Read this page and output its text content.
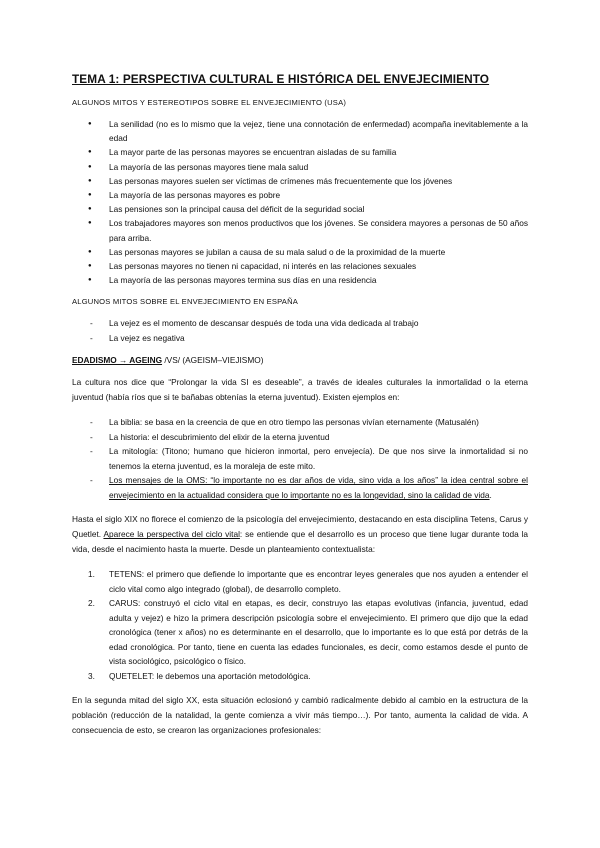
TEMA 1: PERSPECTIVA CULTURAL E HISTÓRICA DEL ENVEJECIMIENTO
ALGUNOS MITOS Y ESTEREOTIPOS SOBRE EL ENVEJECIMIENTO (USA)
● La senilidad (no es lo mismo que la vejez, tiene una connotación de enfermedad) acompaña inevitablemente a la edad
● La mayor parte de las personas mayores se encuentran aisladas de su familia
● La mayoría de las personas mayores tiene mala salud
● Las personas mayores suelen ser víctimas de crímenes más frecuentemente que los jóvenes
● La mayoría de las personas mayores es pobre
● Las pensiones son la principal causa del déficit de la seguridad social
● Los trabajadores mayores son menos productivos que los jóvenes. Se considera mayores a personas de 50 años para arriba.
● Las personas mayores se jubilan a causa de su mala salud o de la proximidad de la muerte
● Las personas mayores no tienen ni capacidad, ni interés en las relaciones sexuales
● La mayoría de las personas mayores termina sus días en una residencia
ALGUNOS MITOS SOBRE EL ENVEJECIMIENTO EN ESPAÑA
- La vejez es el momento de descansar después de toda una vida dedicada al trabajo
- La vejez es negativa
EDADISMO → AGEING /VS/ (AGEISM–VIEJISMO)

La cultura nos dice que “Prolongar la vida SI es deseable”, a través de ideales culturales la inmortalidad o la eterna juventud (había ríos que si te bañabas obtenías la eterna juventud). Existen ejemplos en:

- La biblia: se basa en la creencia de que en otro tiempo las personas vivían eternamente (Matusalén)
- La historia: el descubrimiento del elixir de la eterna juventud
- La mitología: (Titono; humano que hicieron inmortal, pero envejecía). De que nos sirve la inmortalidad si no tenemos la eterna juventud, es la moraleja de este mito.
- Los mensajes de la OMS: “lo importante no es dar años de vida, sino vida a los años” la idea central sobre el envejecimiento en la actualidad considera que lo importante no es la longevidad, sino la calidad de vida.

Hasta el siglo XIX no florece el comienzo de la psicología del envejecimiento, destacando en esta disciplina Tetens, Carus y Quetlet. Aparece la perspectiva del ciclo vital: se entiende que el desarrollo es un proceso que tiene lugar durante toda la vida, desde el nacimiento hasta la muerte. Desde un planteamiento contextualista:

1. TETENS: el primero que defiende lo importante que es encontrar leyes generales que nos ayuden a entender el ciclo vital como algo integrado (global), de desarrollo completo.
2. CARUS: construyó el ciclo vital en etapas, es decir, construyo las etapas evolutivas (infancia, juventud, edad adulta y vejez) e hizo la primera descripción psicología sobre el envejecimiento. El primero que dijo que la edad cronológica (tener x años) no es determinante en el desarrollo, que lo importante es lo que está por detrás de la edad cronológica. Por tanto, tiene en cuenta las edades funcionales, es decir, como estamos desde el punto de vista sociológico, psicológico o físico.
3. QUETELET: le debemos una aportación metodológica.

En la segunda mitad del siglo XX, esta situación eclosionó y cambió radicalmente debido al cambio en la estructura de la población (reducción de la natalidad, la gente comienza a vivir más tiempo…). Por tanto, aumenta la calidad de vida. A consecuencia de esto, se crearon las organizaciones profesionales:
